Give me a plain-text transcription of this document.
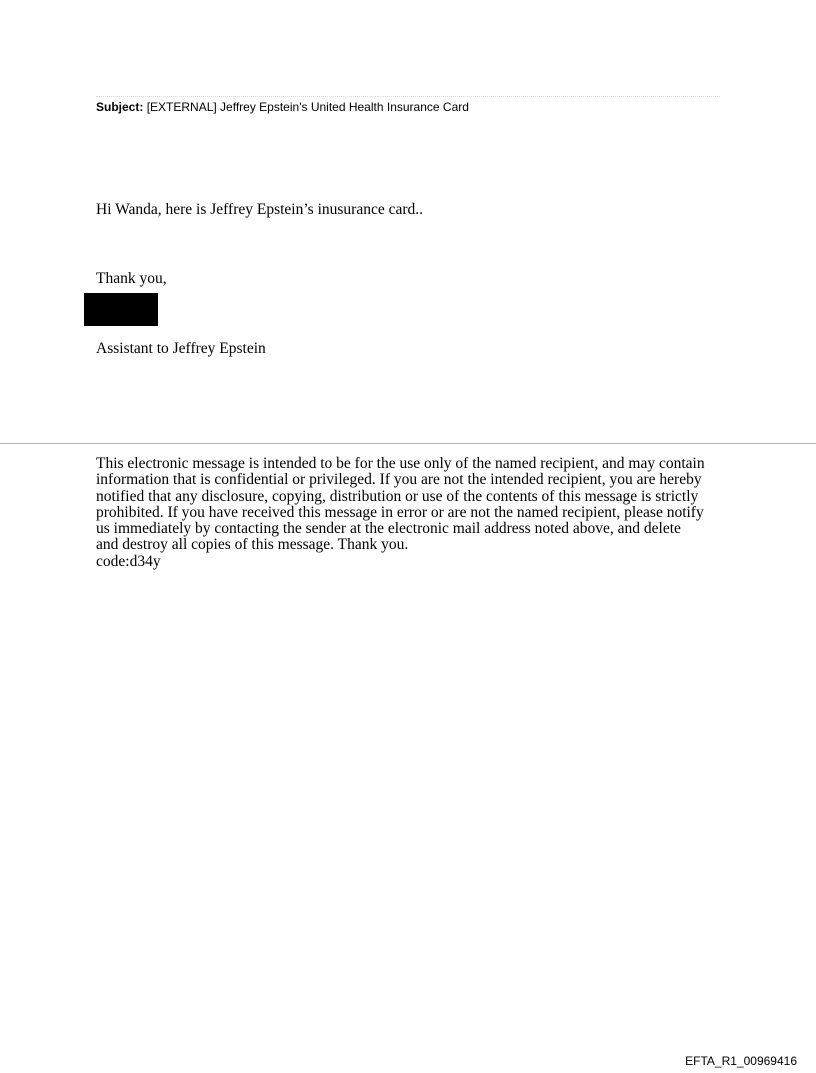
Subject: [EXTERNAL] Jeffrey Epstein's United Health Insurance Card
Hi Wanda, here is Jeffrey Epstein’s inusurance card..
Thank you,
Assistant to Jeffrey Epstein
This electronic message is intended to be for the use only of the named recipient, and may contain
information that is confidential or privileged. If you are not the intended recipient, you are hereby
notified that any disclosure, copying, distribution or use of the contents of this message is strictly
prohibited. If you have received this message in error or are not the named recipient, please notify
us immediately by contacting the sender at the electronic mail address noted above, and delete
and destroy all copies of this message. Thank you.
code:d34y
EFTA_R1_00969416
